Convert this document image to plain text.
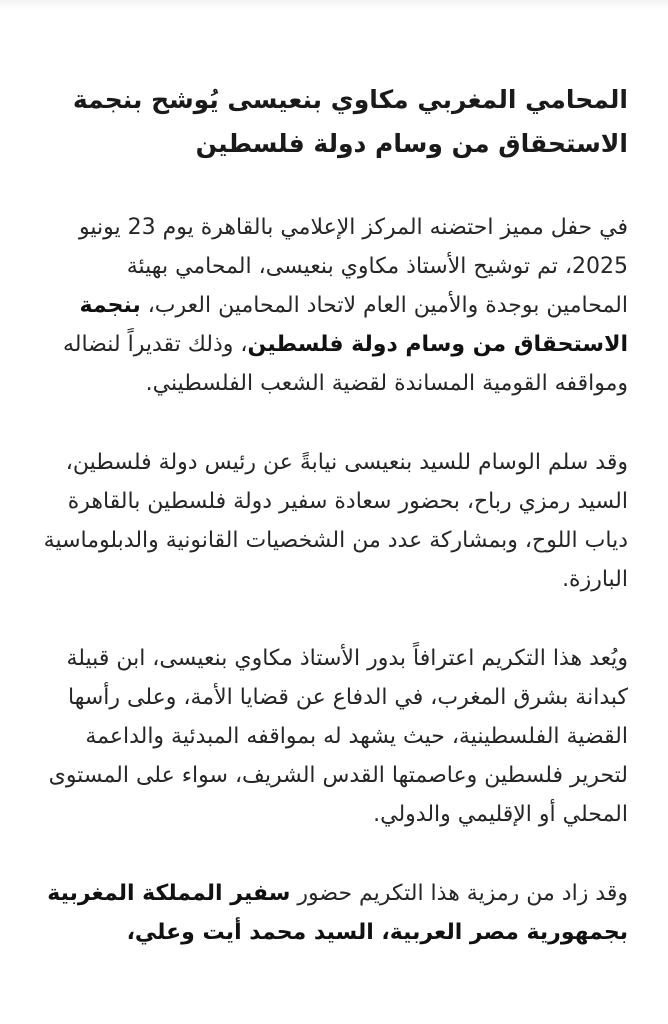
المحامي المغربي مكاوي بنعيسى يُوشح بنجمة الاستحقاق من وسام دولة فلسطين

في حفل مميز احتضنه المركز الإعلامي بالقاهرة يوم 23 يونيو 2025، تم توشيح الأستاذ مكاوي بنعيسى، المحامي بهيئة المحامين بوجدة والأمين العام لاتحاد المحامين العرب، بنجمة الاستحقاق من وسام دولة فلسطين، وذلك تقديراً لنضاله ومواقفه القومية المساندة لقضية الشعب الفلسطيني.

وقد سلم الوسام للسيد بنعيسى نيابةً عن رئيس دولة فلسطين، السيد رمزي رباح، بحضور سعادة سفير دولة فلسطين بالقاهرة دياب اللوح، وبمشاركة عدد من الشخصيات القانونية والدبلوماسية البارزة.

ويُعد هذا التكريم اعترافاً بدور الأستاذ مكاوي بنعيسى، ابن قبيلة كبدانة بشرق المغرب، في الدفاع عن قضايا الأمة، وعلى رأسها القضية الفلسطينية، حيث يشهد له بمواقفه المبدئية والداعمة لتحرير فلسطين وعاصمتها القدس الشريف، سواء على المستوى المحلي أو الإقليمي والدولي.

وقد زاد من رمزية هذا التكريم حضور سفير المملكة المغربية بجمهورية مصر العربية، السيد محمد أيت وعلي،
